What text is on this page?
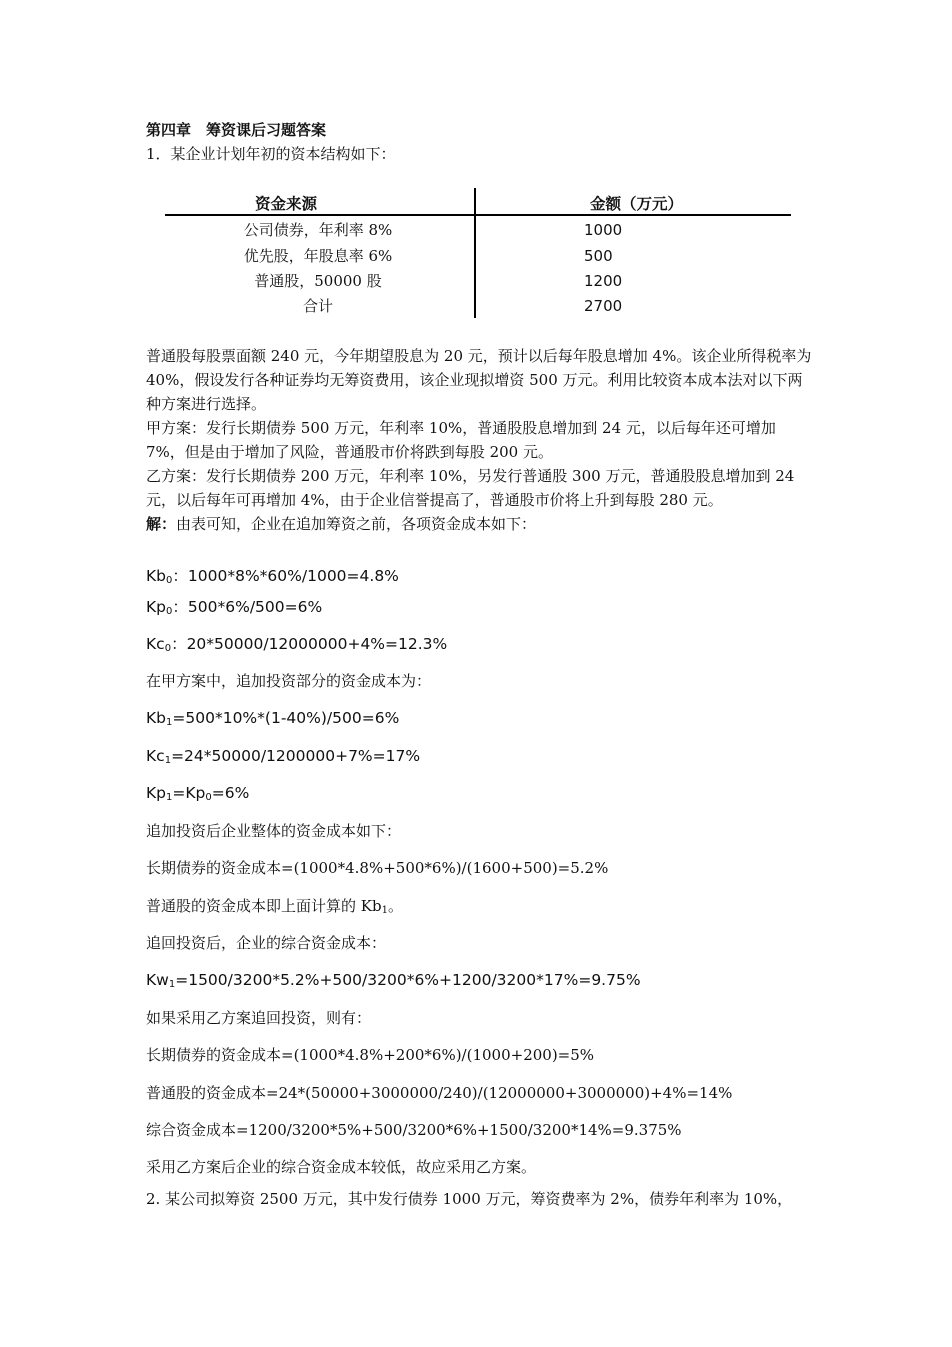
第四章　筹资课后习题答案
1．某企业计划年初的资本结构如下：
资金来源	金额（万元）
公司债券，年利率 8%	1000
优先股，年股息率 6%	500
普通股，50000 股	1200
合计	2700

普通股每股票面额 240 元，今年期望股息为 20 元，预计以后每年股息增加 4%。该企业所得税率为 40%，假设发行各种证券均无筹资费用，该企业现拟增资 500 万元。利用比较资本成本法对以下两种方案进行选择。

甲方案：发行长期债券 500 万元，年利率 10%，普通股股息增加到 24 元，以后每年还可增加 7%，但是由于增加了风险，普通股市价将跌到每股 200 元。

乙方案：发行长期债券 200 万元，年利率 10%，另发行普通股 300 万元，普通股股息增加到 24 元，以后每年可再增加 4%，由于企业信誉提高了，普通股市价将上升到每股 280 元。

解：由表可知，企业在追加筹资之前，各项资金成本如下：

$Kb_0$：1000*8%*60%/1000=4.8%
$Kp_0$：500*6%/500=6%
$Kc_0$：20*50000/12000000+4%=12.3%
在甲方案中，追加投资部分的资金成本为：
$Kb_1=500*10\%*(1-40\%)/500=6\%$
$Kc_1=24*50000/1200000+7\%=17\%$
$Kp_1=Kp_0=6\%$
追加投资后企业整体的资金成本如下：
长期债券的资金成本=(1000*4.8%+500*6%)/(1600+500)=5.2%
普通股的资金成本即上面计算的 $Kb_1$。
追回投资后，企业的综合资金成本：
$Kw_1=1500/3200*5.2\%+500/3200*6\%+1200/3200*17\%=9.75\%$
如果采用乙方案追回投资，则有：
长期债券的资金成本=(1000*4.8%+200*6%)/(1000+200)=5%
普通股的资金成本=24*(50000+3000000/240)/(12000000+3000000)+4%=14%
综合资金成本=1200/3200*5%+500/3200*6%+1500/3200*14%=9.375%
采用乙方案后企业的综合资金成本较低，故应采用乙方案。
2. 某公司拟筹资 2500 万元，其中发行债券 1000 万元，筹资费率为 2%，债券年利率为 10%，
